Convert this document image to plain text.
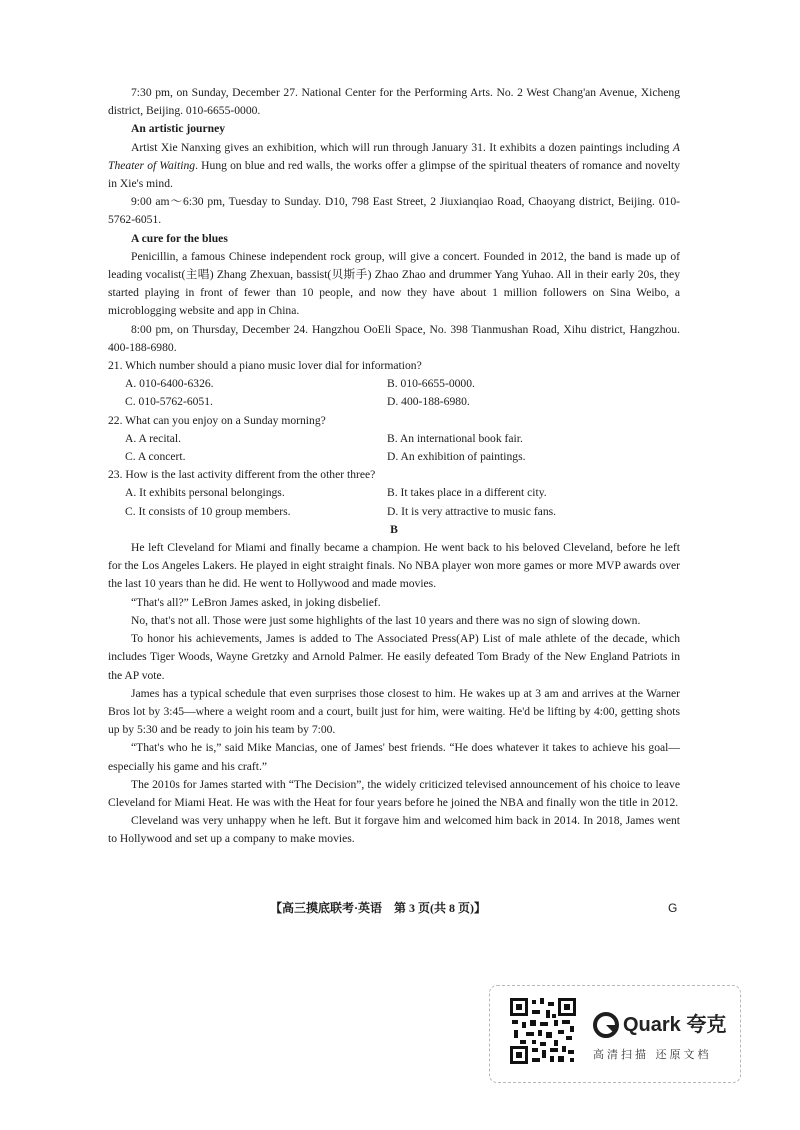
7:30 pm, on Sunday, December 27. National Center for the Performing Arts. No. 2 West Chang'an Avenue, Xicheng district, Beijing. 010-6655-0000.

An artistic journey

Artist Xie Nanxing gives an exhibition, which will run through January 31. It exhibits a dozen paintings including A Theater of Waiting. Hung on blue and red walls, the works offer a glimpse of the spiritual theaters of romance and novelty in Xie's mind.

9:00 am～6:30 pm, Tuesday to Sunday. D10, 798 East Street, 2 Jiuxianqiao Road, Chaoyang district, Beijing. 010-5762-6051.

A cure for the blues

Penicillin, a famous Chinese independent rock group, will give a concert. Founded in 2012, the band is made up of leading vocalist(主唱) Zhang Zhexuan, bassist(贝斯手) Zhao Zhao and drummer Yang Yuhao. All in their early 20s, they started playing in front of fewer than 10 people, and now they have about 1 million followers on Sina Weibo, a microblogging website and app in China.

8:00 pm, on Thursday, December 24. Hangzhou OoEli Space, No. 398 Tianmushan Road, Xihu district, Hangzhou. 400-188-6980.

21. Which number should a piano music lover dial for information?

A. 010-6400-6326.	B. 010-6655-0000.
C. 010-5762-6051.	D. 400-188-6980.

22. What can you enjoy on a Sunday morning?

A. A recital.	B. An international book fair.
C. A concert.	D. An exhibition of paintings.

23. How is the last activity different from the other three?

A. It exhibits personal belongings.	B. It takes place in a different city.
C. It consists of 10 group members.	D. It is very attractive to music fans.

B

He left Cleveland for Miami and finally became a champion. He went back to his beloved Cleveland, before he left for the Los Angeles Lakers. He played in eight straight finals. No NBA player won more games or more MVP awards over the last 10 years than he did. He went to Hollywood and made movies.

“That's all?” LeBron James asked, in joking disbelief.

No, that's not all. Those were just some highlights of the last 10 years and there was no sign of slowing down.

To honor his achievements, James is added to The Associated Press(AP) List of male athlete of the decade, which includes Tiger Woods, Wayne Gretzky and Arnold Palmer. He easily defeated Tom Brady of the New England Patriots in the AP vote.

James has a typical schedule that even surprises those closest to him. He wakes up at 3 am and arrives at the Warner Bros lot by 3:45—where a weight room and a court, built just for him, were waiting. He'd be lifting by 4:00, getting shots up by 5:30 and be ready to join his team by 7:00.

“That's who he is,” said Mike Mancias, one of James' best friends. “He does whatever it takes to achieve his goal—especially his game and his craft.”

The 2010s for James started with “The Decision”, the widely criticized televised announcement of his choice to leave Cleveland for Miami Heat. He was with the Heat for four years before he joined the NBA and finally won the title in 2012.

Cleveland was very unhappy when he left. But it forgave him and welcomed him back in 2014. In 2018, James went to Hollywood and set up a company to make movies.

【高三摸底联考·英语　第 3 页(共 8 页)】	G
Quark 夸克
高清扫描 还原文档
